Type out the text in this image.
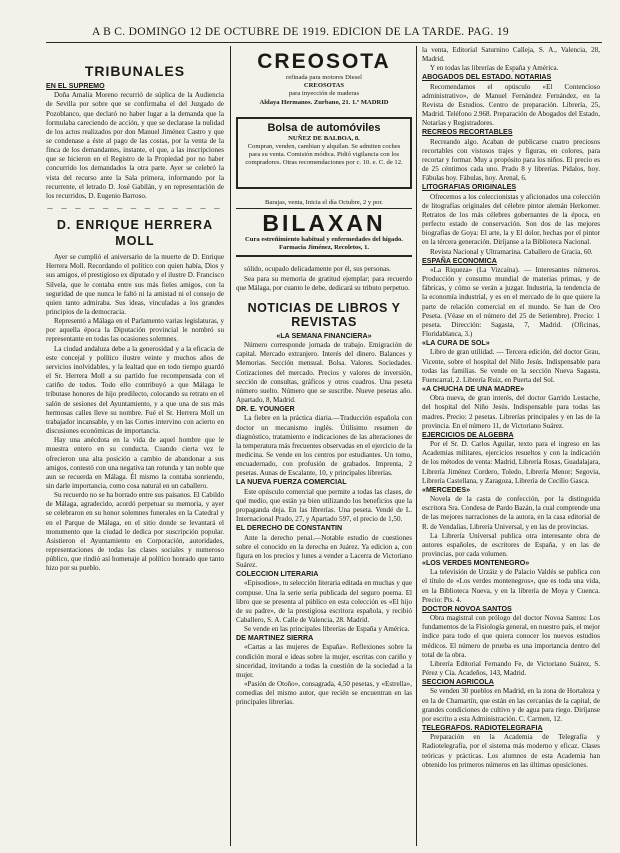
A B C. DOMINGO 12 DE OCTUBRE DE 1919. EDICION DE LA TARDE. PAG. 19
TRIBUNALES
EN EL SUPREMO

Doña Amalia Moreno recurrió de súplica de la Audiencia de Sevilla por sobre que se confirmaba el del Juzgado de Pozoblanco, que declaró no haber lugar a la demanda que la formulaba careciendo de acción, y que se declarase la nulidad de los actos realizados por don Manuel Jiménez Castro y que se condenase a éste al pago de las costas, por la venta de la finca de los demandantes, instante, el que, a las inscripciones que se hicieron en el Registro de la Propiedad por no haber concurrido los demandados la otra parte. Ayer se celebró la vista del recurso ante la Sala primera, informando por la recurrente, el letrado D. José Gabilán, y en representación de los recurridos, D. Eugenio Barroso.

— — — — — — — — — — — — —
D. ENRIQUE HERRERA MOLL

Ayer se cumplió el aniversario de la muerte de D. Enrique Herrera Moll. Recordando el político con quien había, Dios y sus amigos, el prestigioso ex diputado y el ilustre D. Francisco Silvela, que le contaba entre sus más fieles amigos, con la seguridad de que nunca le faltó ni la amistad ni el consejo de quien tanto admiraba. Sus ideas, vinculadas a los grandes principios de la democracia.

Representó a Málaga en el Parlamento varias legislaturas, y por aquella época la Diputación provincial le nombró su representante en todas las ocasiones solemnes.

La ciudad andaluza debe a la generosidad y a la eficacia de este concejal y político ilustre veinte y muchos años de servicios inolvidables, y la lealtad que en todo tiempo guardó el Sr. Herrera Moll a su partido fue recompensada con el cariño de todos. Todo ello contribuyó a que Málaga le tributase honores de hijo predilecto, colocando su retrato en el salón de sesiones del Ayuntamiento, y a que una de sus más hermosas calles lleve su nombre. Fué el Sr. Herrera Moll un trabajador incansable, y en las Cortes intervino con acierto en discusiones económicas de importancia.

Hay una anécdota en la vida de aquel hombre que le muestra entero en su conducta. Cuando cierta vez le ofrecieron una alta posición a cambio de abandonar a sus amigos, contestó con una negativa tan rotunda y tan noble que aun se recuerda en Málaga. Él mismo la contaba sonriendo, sin darle importancia, como cosa natural en un caballero.

Su recuerdo no se ha borrado entre sus paisanos. El Cabildo de Málaga, agradecido, acordó perpetuar su memoria, y ayer se celebraron en su honor solemnes funerales en la Catedral y en el Parque de Málaga, en el sitio donde se levantará el monumento que la ciudad le dedica por suscripción popular. Asistieron el Ayuntamiento en Corporación, autoridades, representaciones de todas las clases sociales y numeroso público, que rindió así homenaje al político honrado que tanto hizo por su pueblo.

CREOSOTA
refinada para motores Diesel
CREOSOTAS
para inyección de maderas
Aldaya Hermanos. Zurbano, 21. 1.º MADRID
Bolsa de automóviles
NUÑEZ DE BALBOA, 8.
Compran, venden, cambian y alquilan. Se admiten coches para su venta. Comisión módica. Pidió vigilancia con los compradores. Otras recomendaciones por c. 10. e. C. de 12.
Barajas, venta, Inicia el día Octubre, 2 y por.
BILAXAN
Cura estreñimiento habitual y enfermedades del hígado. Farmacia Jiménez, Recoletos, 1.

sólido, ocupado delicadamente por él, sus personas.

Sea para su memoria de gratitud ejemplar; para recuerdo que Málaga, por cuanto le debe, dedicará su tributo perpetuo.

NOTICIAS DE LIBROS Y REVISTAS
«LA SEMANA FINANCIERA»

Número corresponde jornada de trabajo. Emigración de capital. Mercado extranjero. Interés del dinero. Balances y Memorias. Sección mensual. Bolsa. Valores. Sociedades. Cotizaciones del mercado. Precios y valores de inversión, sección de consultas, gráficos y otros cuadros. Una peseta número suelto. Número que se suscribe. Nueve pesetas año. Apartado, 8, Madrid.

DR. E. YOUNGER

La fiebre en la práctica diaria.—Traducción española con doctor un mecanismo inglés. Útilísimo resumen de diagnóstico, tratamiento e indicaciones de las alteraciones de la temperatura más frecuentes observadas en el ejercicio de la medicina. Se vende en los centros por estudiantes. Un tomo, encuadernado, con profusión de grabados. Imprenta, 2 pesetas. Aunas de Escalante, 10, y principales librerías.

LA NUEVA FUERZA COMERCIAL

Este opúsculo comercial que permite a todas las clases, de qué medio, que están ya bien utilizando los beneficios que la propaganda deja. En las librerías. Una peseta. Vendé de L. Internacional Prado, 27, y Apartado 597, el precio de 1,50.

EL DERECHO DE CONSTANTIN

Ante la derecho penal.—Notable estudio de cuestiones sobre el conocido en la derecha en Juárez. Ya edicion a, con figura en los precios y lunes a vender a Lacerra de Victoriano Suárez.

COLECCION LITERARIA

«Episodios», tu selección literaria editada en muchas y que compuse. Una la serie sería publicada del seguro poema. El libro que se presenta al público en esta colección es «El hijo de su padre», de la prestigiosa escritora española, y recibió Caballero, S. A. Calle de Valencia, 28. Madrid.

Se vende en las principales librerías de España y América.

DE MARTINEZ SIERRA

«Cartas a las mujeres de España». Reflexiones sobre la condición moral e ideas sobre la mujer, escritas con cariño y sinceridad, invitando a todas la cuestión de la sociedad a la mujer.

«Pasión de Otoño», consagrada, 4,50 pesetas, y «Estrella», comedias del mismo autor, que recién se encuentran en las principales librerías.

la venta, Editorial Saturnino Calleja, S. A., Valencia, 28, Madrid.

Y en todas las librerías de España y América.

ABOGADOS DEL ESTADO. NOTARIAS

Recomendamos el opúsculo «El Contencioso administrativo», de Manuel Fernández Fernández, en la Revista de Estudios. Centro de preparación. Librería, 25, Madrid. Teléfono 2.968. Preparación de Abogados del Estado, Notarías y Registradores.

RECREOS RECORTABLES

Recreando algo. Acaban de publicarse cuatro preciosos recortables con vistosos trajes y figuras, en colores, para recortar y formar. Muy a propósito para los niños. El precio es de 25 céntimos cada uno. Prado 8 y librerías. Pídalos, hoy. Fábulas hoy. Fábulas, hoy. Arenal, 6.

LITOGRAFIAS ORIGINALES

Ofrecemos a los coleccionistas y aficionados una colección de litografías originales del célebre pintor alemán Herkomer. Retratos de los más célebres gobernantes de la época, en perfecto estado de conservación. Son dos de las mejores biografías de Goya: El arte, la y El dolor, hechas por el pintor en la tércera generación. Diríjanse a la Biblioteca Nacional.

Revista Nacional y Ultramarina. Caballero de Gracia, 60.

ESPAÑA ECONOMICA

«La Riqueza» (La Vizcaína). — Interesantes números. Producción y consumo mundial de materias primas, y de fábricas, y cómo se verán a juzgar. Industria, la tendencia de la economía industrial, y es en el mercado de lo que quiere la parte de relación comercial en el mundo. Se han de Oro Peseta. (Véase en el número del 25 de Setiembre). Precio: 1 peseta. Dirección: Sagasta, 7, Madrid. (Oficinas, Floridablanca, 3.)

«LA CURA DE SOL»

Libro de gran utilidad. — Tercera edición, del doctor Grau, Vicente, sobre el hospital del Niño Jesús. Indispensable para todas las familias. Se vende en la sección Nueva Sagasta, Fuencarral, 2. Librería Ruiz, en Puerta del Sol.

«A CHUCHA DE UNA MADRE»

Obra nueva, de gran interés, del doctor Garrido Lestache, del hospital del Niño Jesús. Indispensable para todas las madres. Precio: 2 pesetas. Librerías principales y en las de la provincia. En el número 11, de Victoriano Suárez.

EJERCICIOS DE ALGEBRA

Por el Sr. D. Carlos Aguilar, texto para el ingreso en las Academias militares, ejercicios resueltos y con la indicación de los métodos de venta: Madrid, Librería Rosas, Guadalajara, Librería Jiménez Cordero, Toledo, Librería Menor; Segovia, Librería Castellana, y Zaragoza, Librería de Cecilio Gasca.

«MERCEDES»

Novela de la casta de confección, por la distinguida escritora Sra. Condesa de Pardo Bazán, la cual comprende una de las mejores narraciones de la autora, en la casa editorial de R. de Vendalias, Librería Universal, y en las de provincias.

La Librería Universal publica otra interesante obra de autores españoles, de escritores de España, y en las de provincias, por cada volumen.

«LOS VERDES MONTENEGRO»

La televisión de Urzáiz y de Palacio Valdés se publica con el título de «Los verdes montenegros», que es toda una vida, en la Biblioteca Nueva, y en la librería de Moya y Cuenca. Precio: Pts. 4.

DOCTOR NOVOA SANTOS

Obra magistral con prólogo del doctor Novoa Santos: Los fundamentos de la Fisiología general, en nuestro país, el mejor índice para todo el que quiera conocer los nuevos estudios médicos. El número de prueba es una importancia dentro del total de la obra.

Librería Editorial Fernando Fe, de Victoriano Suárez, S. Pérez y Cía. Acadeños, 143, Madrid.

SECCION AGRICOLA

Se venden 30 pueblos en Madrid, en la zona de Hortaleza y en la de Chamartín, que están en las cercanías de la capital, de grandes condiciones de cultivo y de agua para riego. Diríjanse por escrito a esta Administración. C. Carmen, 12.

TELEGRAFOS. RADIOTELEGRAFIA

Preparación en la Academia de Telegrafía y Radiotelegrafía, por el sistema más moderno y eficaz. Clases teóricas y prácticas. Los alumnos de esta Academia han obtenido los primeros números en las últimas oposiciones.
